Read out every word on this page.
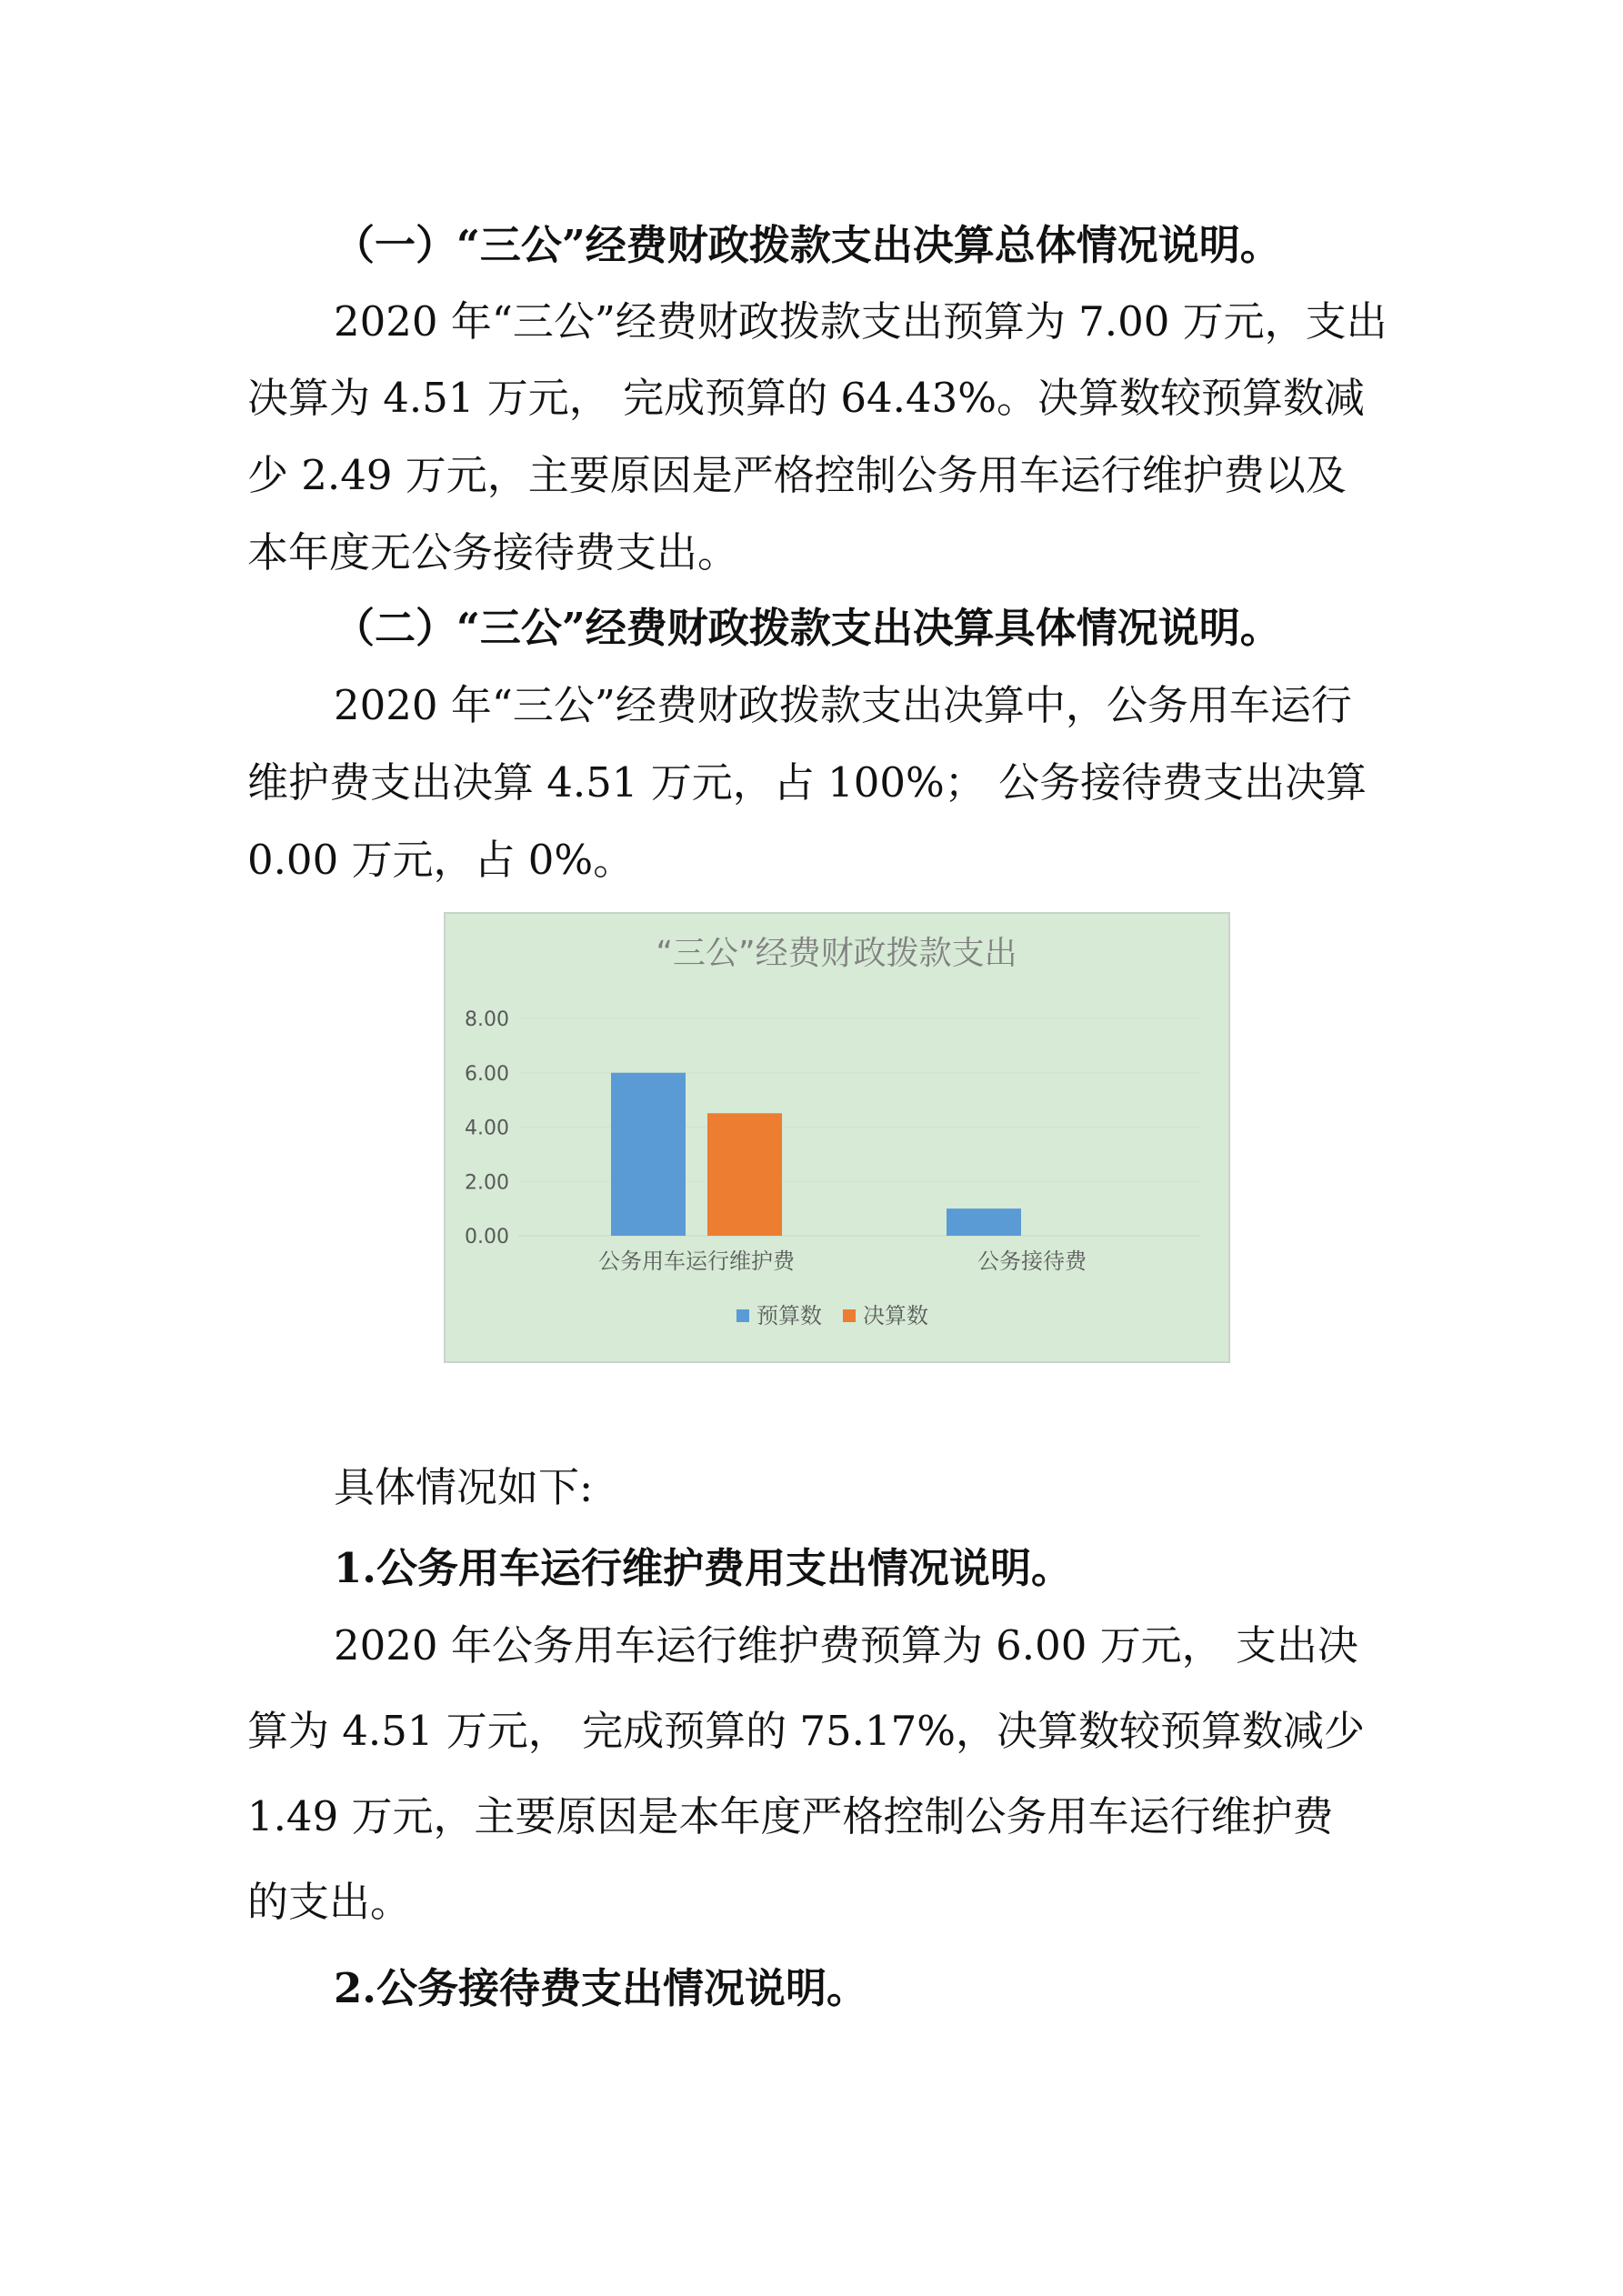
（一）“三公”经费财政拨款支出决算总体情况说明。

2020 年“三公”经费财政拨款支出预算为 7.00 万元，支出

决算为 4.51 万元， 完成预算的 64.43%。决算数较预算数减

少 2.49 万元，主要原因是严格控制公务用车运行维护费以及

本年度无公务接待费支出。

（二）“三公”经费财政拨款支出决算具体情况说明。

2020 年“三公”经费财政拨款支出决算中，公务用车运行

维护费支出决算 4.51 万元，占 100%； 公务接待费支出决算

0.00 万元，占 0%。

具体情况如下:

1.公务用车运行维护费用支出情况说明。

2020 年公务用车运行维护费预算为 6.00 万元， 支出决

算为 4.51 万元， 完成预算的 75.17%，决算数较预算数减少

1.49 万元，主要原因是本年度严格控制公务用车运行维护费

的支出。

2.公务接待费支出情况说明。

“三公”经费财政拨款支出
0.00
2.00
4.00
6.00
8.00
公务用车运行维护费	公务接待费
预算数 决算数
